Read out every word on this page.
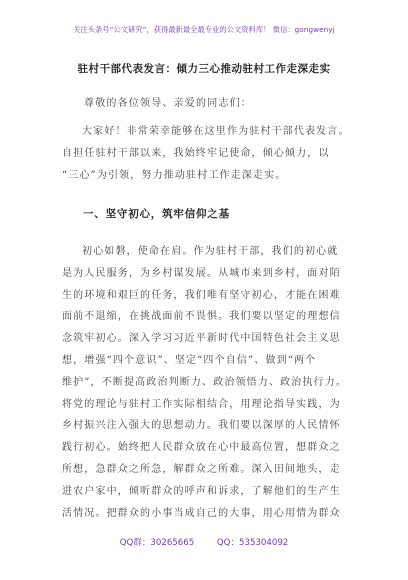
关注头条号“公文研究”，获得最新最全最专业的公文资料库！ 微信：gongwenyj
驻村干部代表发言：倾力三心推动驻村工作走深走实
尊敬的各位领导、亲爱的同志们：
大家好！非常荣幸能够在这里作为驻村干部代表发言。
自担任驻村干部以来，我始终牢记使命，倾心倾力，以
“三心”为引领，努力推动驻村工作走深走实。
一、坚守初心，筑牢信仰之基
初心如磐，使命在肩。作为驻村干部，我们的初心就
是为人民服务，为乡村谋发展。从城市来到乡村，面对陌
生的环境和艰巨的任务，我们唯有坚守初心，才能在困难
面前不退缩，在挑战面前不畏惧。我们要以坚定的理想信
念筑牢初心。深入学习习近平新时代中国特色社会主义思
想，增强“四个意识”、坚定“四个自信”、做到“两个
维护”，不断提高政治判断力、政治领悟力、政治执行力。
将党的理论与驻村工作实际相结合，用理论指导实践，为
乡村振兴注入强大的思想动力。我们要以深厚的人民情怀
践行初心。始终把人民群众放在心中最高位置，想群众之
所想，急群众之所急，解群众之所难。深入田间地头，走
进农户家中，倾听群众的呼声和诉求，了解他们的生产生
活情况。把群众的小事当成自己的大事，用心用情为群众
QQ群：30265665	QQ：535304092
